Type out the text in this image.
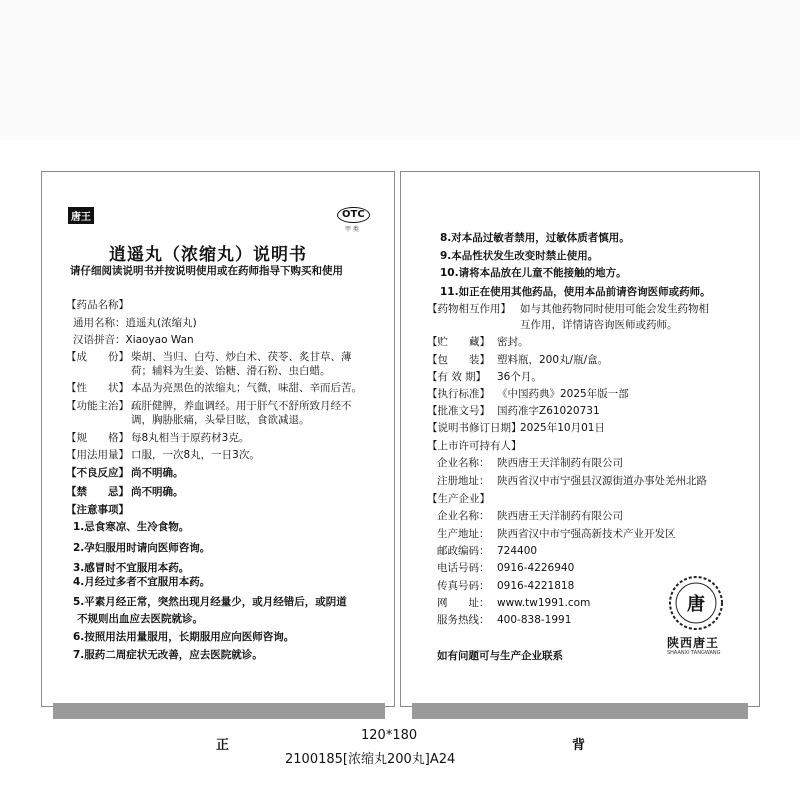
唐王	OTC
甲 类
逍遥丸（浓缩丸）说明书
请仔细阅读说明书并按说明使用或在药师指导下购买和使用
【药品名称】
通用名称：逍遥丸(浓缩丸)
汉语拼音：Xiaoyao Wan
【成　　份】 柴胡、当归、白芍、炒白术、茯苓、炙甘草、薄
荷；辅料为生姜、饴糖、滑石粉、虫白蜡。
【性　　状】 本品为亮黑色的浓缩丸；气微，味甜、辛而后苦。
【功能主治】 疏肝健脾，养血调经。用于肝气不舒所致月经不
调，胸胁胀痛，头晕目眩，食欲减退。
【规　　格】 每8丸相当于原药材3克。
【用法用量】 口服，一次8丸，一日3次。
【不良反应】 尚不明确。
【禁　　忌】 尚不明确。
【注意事项】
1.忌食寒凉、生冷食物。
2.孕妇服用时请向医师咨询。
3.感冒时不宜服用本药。
4.月经过多者不宜服用本药。
5.平素月经正常，突然出现月经量少，或月经错后，或阴道
不规则出血应去医院就诊。
6.按照用法用量服用，长期服用应向医师咨询。
7.服药二周症状无改善，应去医院就诊。
8.对本品过敏者禁用，过敏体质者慎用。
9.本品性状发生改变时禁止使用。
10.请将本品放在儿童不能接触的地方。
11.如正在使用其他药品，使用本品前请咨询医师或药师。
【药物相互作用】 如与其他药物同时使用可能会发生药物相
互作用，详情请咨询医师或药师。
【贮　　藏】 密封。
【包　　装】 塑料瓶，200丸/瓶/盒。
【有 效 期】 36个月。
【执行标准】 《中国药典》2025年版一部
【批准文号】 国药准字Z61020731
【说明书修订日期】
2025年10月01日
【上市许可持有人】
企业名称： 陕西唐王天洋制药有限公司
注册地址： 陕西省汉中市宁强县汉源街道办事处羌州北路
【生产企业】
企业名称： 陕西唐王天洋制药有限公司
生产地址： 陕西省汉中市宁强高新技术产业开发区
邮政编码： 724400
电话号码： 0916-4226940
传真号码： 0916-4221818
网　　址： www.tw1991.com
服务热线： 400-838-1991
如有问题可与生产企业联系
唐
陕西唐王
SHAANXI TANGWANG
120*180
正	背
2100185[浓缩丸200丸]A24
